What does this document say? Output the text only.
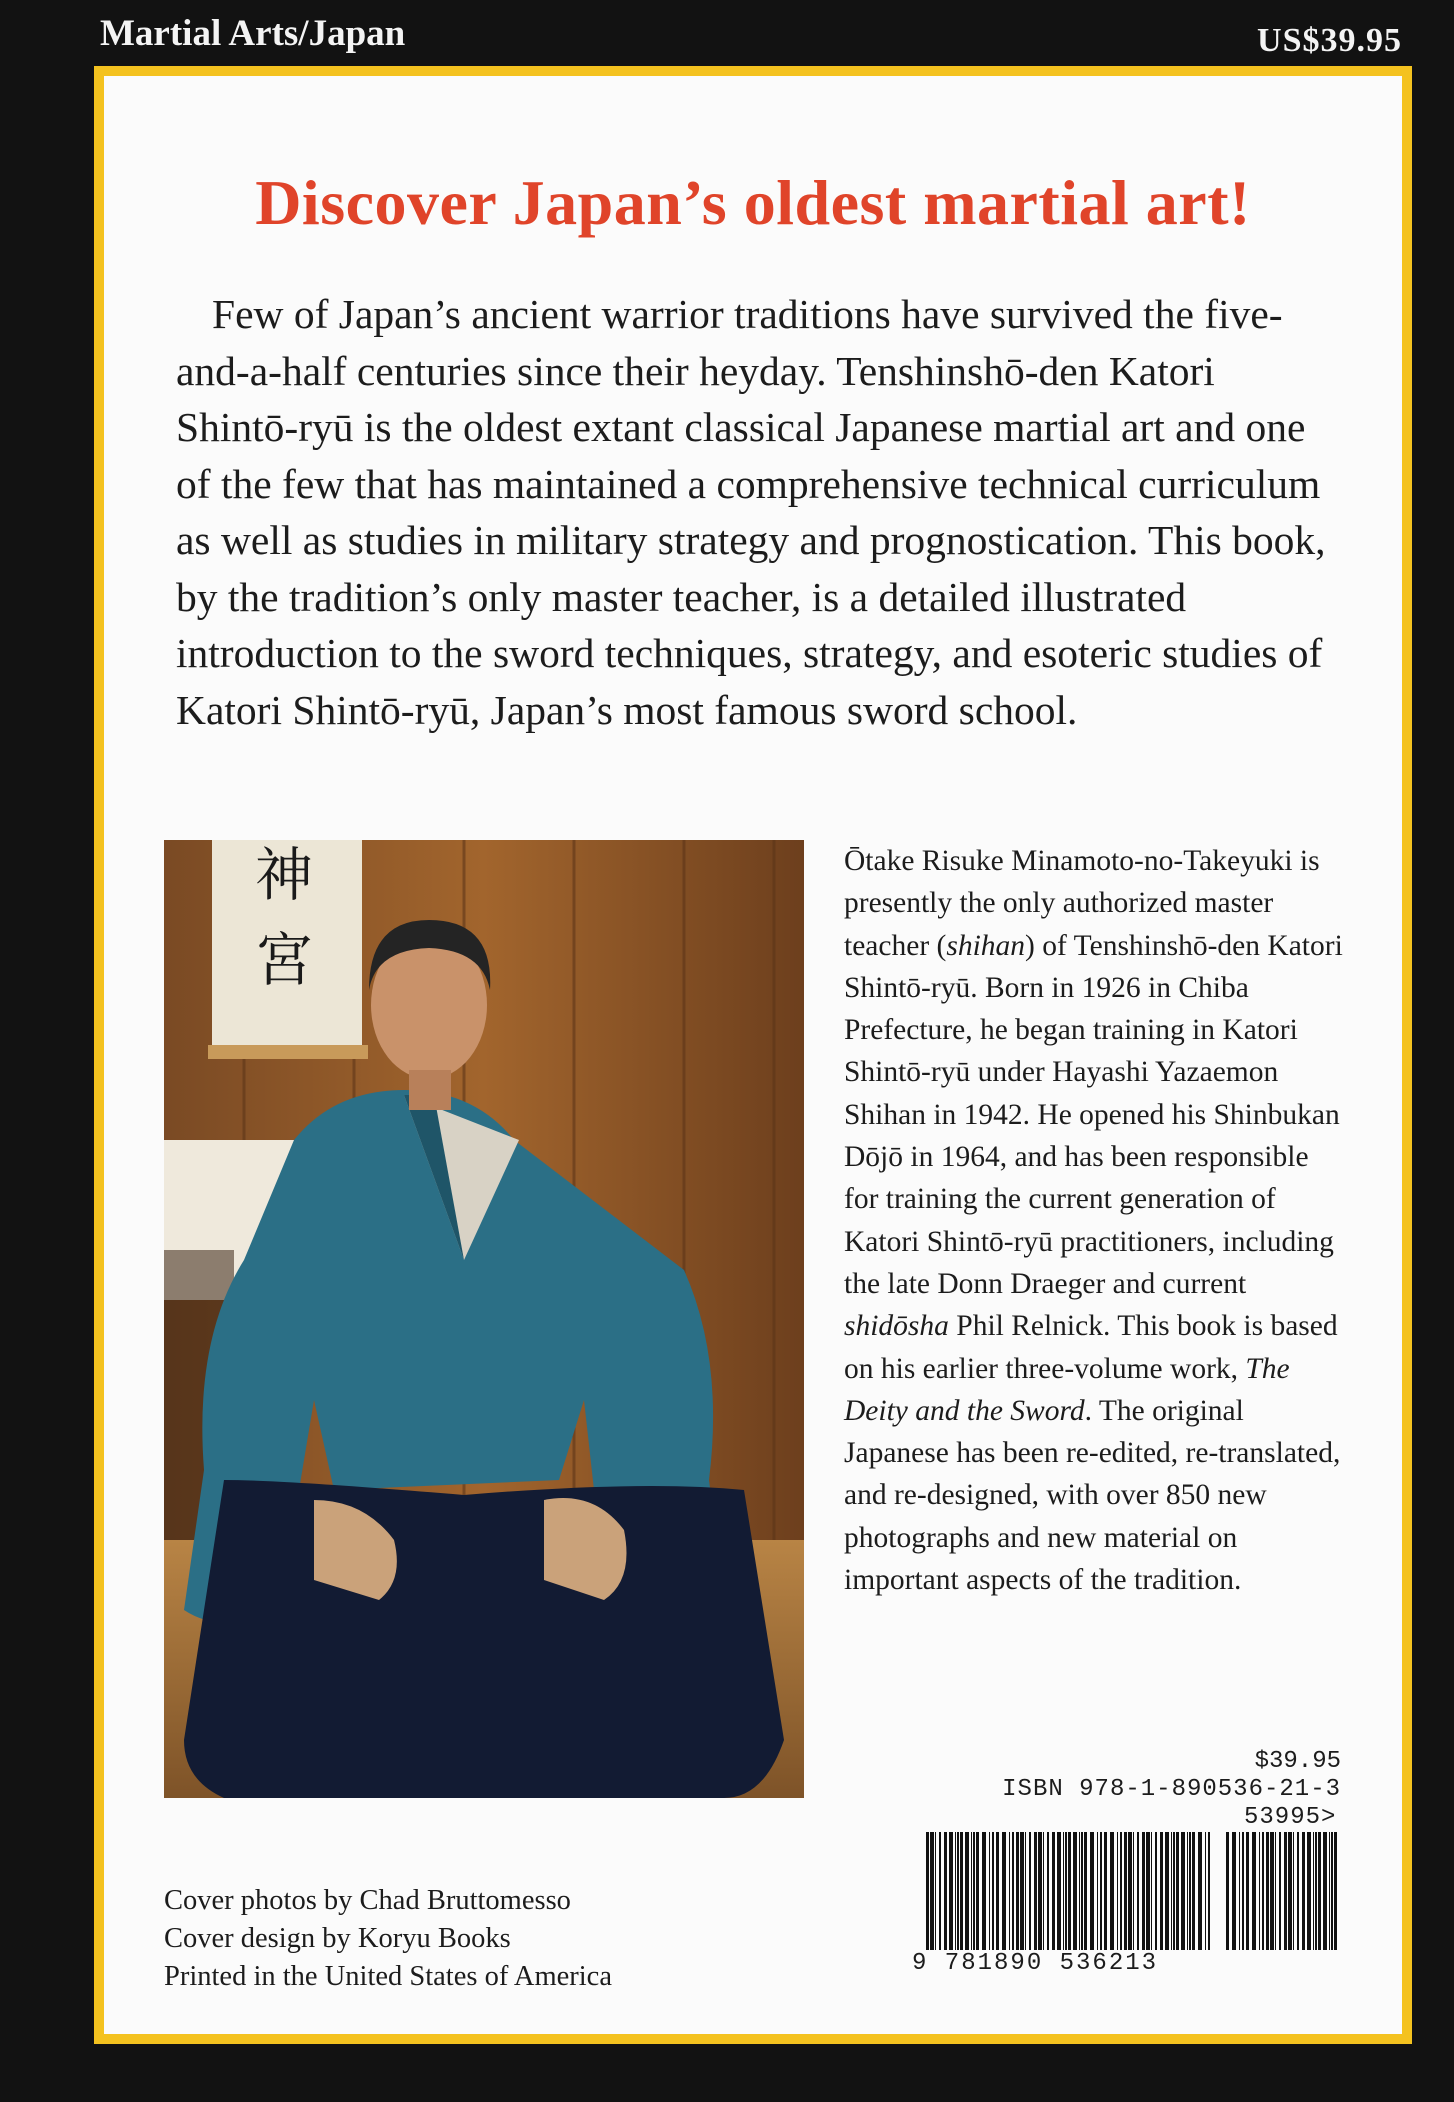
Martial Arts/Japan	US$39.95
Discover Japan’s oldest martial art!

Few of Japan’s ancient warrior traditions have survived the five-and-a-half centuries since their heyday. Tenshinshō-den Katori Shintō-ryū is the oldest extant classical Japanese martial art and one of the few that has maintained a comprehensive technical curriculum as well as studies in military strategy and prognostication. This book, by the tradition’s only master teacher, is a detailed illustrated introduction to the sword techniques, strategy, and esoteric studies of Katori Shintō-ryū, Japan’s most famous sword school.

神
宮

Ōtake Risuke Minamoto-no-Takeyuki is presently the only authorized master teacher (shihan) of Tenshinshō-den Katori Shintō-ryū. Born in 1926 in Chiba Prefecture, he began training in Katori Shintō-ryū under Hayashi Yazaemon Shihan in 1942. He opened his Shinbukan Dōjō in 1964, and has been responsible for training the current generation of Katori Shintō-ryū practitioners, including the late Donn Draeger and current shidōsha Phil Relnick. This book is based on his earlier three-volume work, The Deity and the Sword. The original Japanese has been re-edited, re-translated, and re-designed, with over 850 new photographs and new material on important aspects of the tradition.

$39.95
ISBN 978-1-890536-21-3
53995>
9 781890 536213
Cover photos by Chad Bruttomesso
Cover design by Koryu Books
Printed in the United States of America
